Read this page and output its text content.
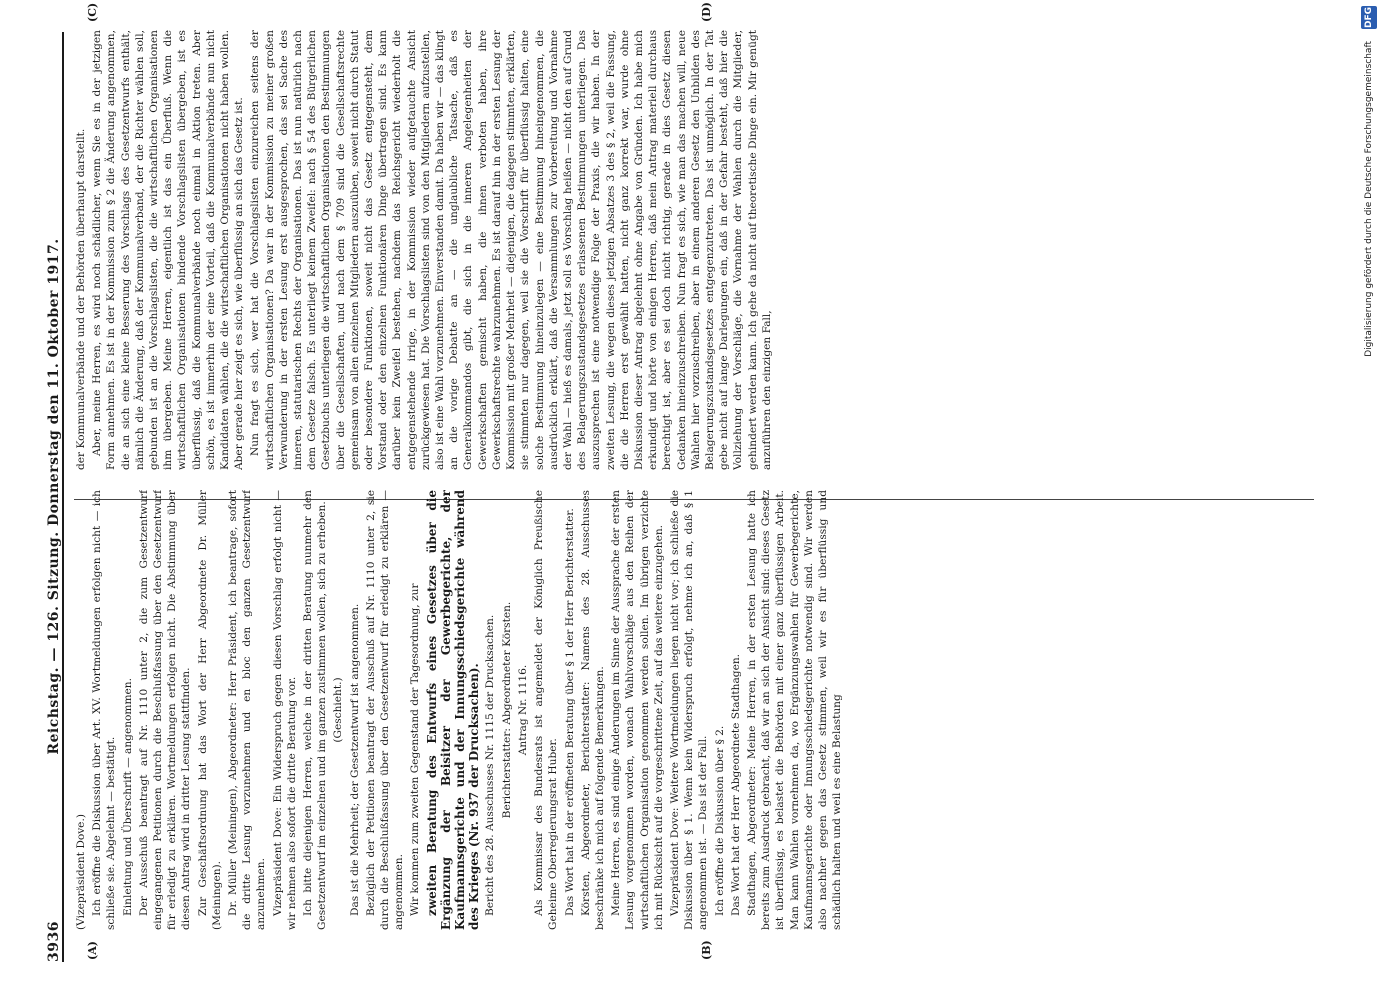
3936
Reichstag. — 126. Sitzung. Donnerstag den 11. Oktober 1917.
(A)	(B)
(C)	(D)

(Vizepräsident Dove.) Ich eröffne die Diskussion über Art. XV. Wortmeldungen erfolgen nicht — ich schließe sie. Abgelehnt — bestätigt. Einleitung und Überschrift — angenommen. Der Ausschuß beantragt auf Nr. 1110 unter 2, die zum Gesetzentwurf eingegangenen Petitionen durch die Beschlußfassung über den Gesetzentwurf für erledigt zu erklären. Wortmeldungen erfolgen nicht. Die Abstimmung über diesen Antrag wird in dritter Lesung stattfinden. Zur Geschäftsordnung hat das Wort der Herr Abgeordnete Dr. Müller (Meiningen). Dr. Müller (Meiningen), Abgeordneter: Herr Präsident, ich beantrage, sofort die dritte Lesung vorzunehmen und en bloc den ganzen Gesetzentwurf anzunehmen. Vizepräsident Dove: Ein Widerspruch gegen diesen Vorschlag erfolgt nicht — wir nehmen also sofort die dritte Beratung vor. Ich bitte diejenigen Herren, welche in der dritten Beratung nunmehr den Gesetzentwurf im einzelnen und im ganzen zustimmen wollen, sich zu erheben. (Geschieht.) Das ist die Mehrheit; der Gesetzentwurf ist angenommen. Bezüglich der Petitionen beantragt der Ausschuß auf Nr. 1110 unter 2, sie durch die Beschlußfassung über den Gesetzentwurf für erledigt zu erklären — angenommen. Wir kommen zum zweiten Gegenstand der Tagesordnung, zur zweiten Beratung des Entwurfs eines Gesetzes über die Ergänzung der Beisitzer der Gewerbegerichte, der Kaufmannsgerichte und der Innungsschiedsgerichte während des Krieges (Nr. 937 der Drucksachen). Bericht des 28. Ausschusses Nr. 1115 der Drucksachen. Berichterstatter: Abgeordneter Körsten. Antrag Nr. 1116. Als Kommissar des Bundesrats ist angemeldet der Königlich Preußische Geheime Oberregierungsrat Huber. Das Wort hat in der eröffneten Beratung über § 1 der Herr Berichterstatter. Körsten, Abgeordneter, Berichterstatter: Namens des 28. Ausschusses beschränke ich mich auf folgende Bemerkungen. Meine Herren, es sind einige Änderungen im Sinne der Aussprache der ersten Lesung vorgenommen worden, wonach Wahlvorschläge aus den Reihen der wirtschaftlichen Organisation genommen werden sollen. Im übrigen verzichte ich mit Rücksicht auf die vorgeschrittene Zeit, auf das weitere einzugehen. Vizepräsident Dove: Weitere Wortmeldungen liegen nicht vor; ich schließe die Diskussion über § 1. Wenn kein Widerspruch erfolgt, nehme ich an, daß § 1 angenommen ist. — Das ist der Fall. Ich eröffne die Diskussion über § 2. Das Wort hat der Herr Abgeordnete Stadthagen. Stadthagen, Abgeordneter: Meine Herren, in der ersten Lesung hatte ich bereits zum Ausdruck gebracht, daß wir an sich der Ansicht sind: dieses Gesetz ist überflüssig, es belastet die Behörden mit einer ganz überflüssigen Arbeit. Man kann Wahlen vornehmen da, wo Ergänzungswahlen für Gewerbegerichte, Kaufmannsgerichte oder Innungsschiedsgerichte notwendig sind. Wir werden also nachher gegen das Gesetz stimmen, weil wir es für überflüssig und schädlich halten und weil es eine Belastung

der Kommunalverbände und der Behörden überhaupt darstellt. Aber, meine Herren, es wird noch schädlicher, wenn Sie es in der jetzigen Form annehmen. Es ist in der Kommission zum § 2 die Änderung angenommen, die an sich eine kleine Besserung des Vorschlags des Gesetzentwurfs enthält, nämlich die Änderung, daß der Kommunalverband, der die Richter wählen soll, gebunden ist an die Vorschlagslisten, die die wirtschaftlichen Organisationen ihm übergeben. Meine Herren, eigentlich ist das ein Überfluß. Wenn die wirtschaftlichen Organisationen bindende Vorschlagslisten übergeben, ist es überflüssig, daß die Kommunalverbände noch einmal in Aktion treten. Aber schön, es ist immerhin der eine Vorteil, daß die Kommunalverbände nun nicht Kandidaten wählen, die die wirtschaftlichen Organisationen nicht haben wollen. Aber gerade hier zeigt es sich, wie überflüssig an sich das Gesetz ist. Nun fragt es sich, wer hat die Vorschlagslisten einzureichen seitens der wirtschaftlichen Organisationen? Da war in der Kommission zu meiner großen Verwunderung in der ersten Lesung erst ausgesprochen, das sei Sache des inneren, statutarischen Rechts der Organisationen. Das ist nun natürlich nach dem Gesetze falsch. Es unterliegt keinem Zweifel: nach § 54 des Bürgerlichen Gesetzbuchs unterliegen die wirtschaftlichen Organisationen den Bestimmungen über die Gesellschaften, und nach dem § 709 sind die Gesellschaftsrechte gemeinsam von allen einzelnen Mitgliedern auszuüben, soweit nicht durch Statut oder besondere Funktionen, soweit nicht das Gesetz entgegensteht, dem Vorstand oder den einzelnen Funktionären Dinge übertragen sind. Es kann darüber kein Zweifel bestehen, nachdem das Reichsgericht wiederholt die entgegenstehende irrige, in der Kommission wieder aufgetauchte Ansicht zurückgewiesen hat. Die Vorschlagslisten sind von den Mitgliedern aufzustellen, also ist eine Wahl vorzunehmen. Einverstanden damit. Da haben wir — das klingt an die vorige Debatte an — die unglaubliche Tatsache, daß es Generalkommandos gibt, die sich in die inneren Angelegenheiten der Gewerkschaften gemischt haben, die ihnen verboten haben, ihre Gewerkschaftsrechte wahrzunehmen. Es ist darauf hin in der ersten Lesung der Kommission mit großer Mehrheit — diejenigen, die dagegen stimmten, erklärten, sie stimmten nur dagegen, weil sie die Vorschrift für überflüssig halten, eine solche Bestimmung hineinzulegen — eine Bestimmung hineingenommen, die ausdrücklich erklärt, daß die Versammlungen zur Vorbereitung und Vornahme der Wahl — hieß es damals, jetzt soll es Vorschlag heißen — nicht den auf Grund des Belagerungszustandsgesetzes erlassenen Bestimmungen unterliegen. Das auszusprechen ist eine notwendige Folge der Praxis, die wir haben. In der zweiten Lesung, die wegen dieses jetzigen Absatzes 3 des § 2, weil die Fassung, die die Herren erst gewählt hatten, nicht ganz korrekt war, wurde ohne Diskussion dieser Antrag abgelehnt ohne Angabe von Gründen. Ich habe mich erkundigt und hörte von einigen Herren, daß mein Antrag materiell durchaus berechtigt ist, aber es sei doch nicht richtig, gerade in dies Gesetz diesen Gedanken hineinzuschreiben. Nun fragt es sich, wie man das machen will, neue Wahlen hier vorzuschreiben, aber in einem anderen Gesetz den Unbilden des Belagerungszustandsgesetzes entgegenzutreten. Das ist unmöglich. In der Tat gebe nicht auf lange Darlegungen ein, daß in der Gefahr besteht, daß hier die Vollziehung der Vorschläge, die Vornahme der Wahlen durch die Mitglieder, gehindert werden kann. Ich gehe da nicht auf theoretische Dinge ein. Mir genügt anzuführen den einzigen Fall,

DFG
Digitalisierung gefördert durch die Deutsche Forschungsgemeinschaft
